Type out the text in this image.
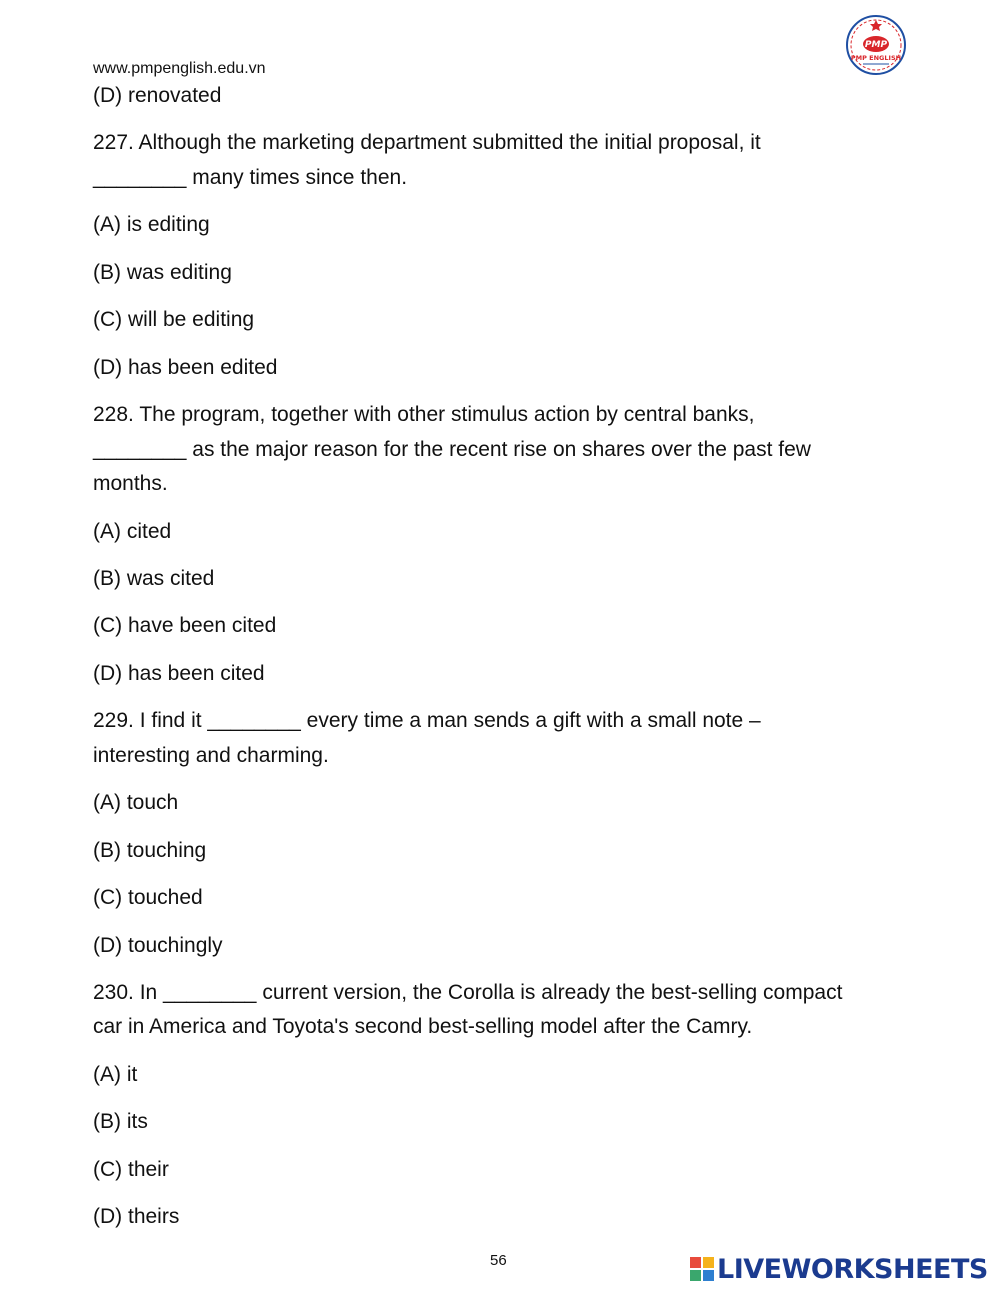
www.pmpenglish.edu.vn
PMP
PMP ENGLISH
(D) renovated
227. Although the marketing department submitted the initial proposal, it
________ many times since then.
(A) is editing
(B) was editing
(C) will be editing
(D) has been edited
228. The program, together with other stimulus action by central banks,
________ as the major reason for the recent rise on shares over the past few
months.
(A) cited
(B) was cited
(C) have been cited
(D) has been cited
229. I find it ________ every time a man sends a gift with a small note –
interesting and charming.
(A) touch
(B) touching
(C) touched
(D) touchingly
230. In ________ current version, the Corolla is already the best-selling compact
car in America and Toyota's second best-selling model after the Camry.
(A) it
(B) its
(C) their
(D) theirs
56	LIVEWORKSHEETS
